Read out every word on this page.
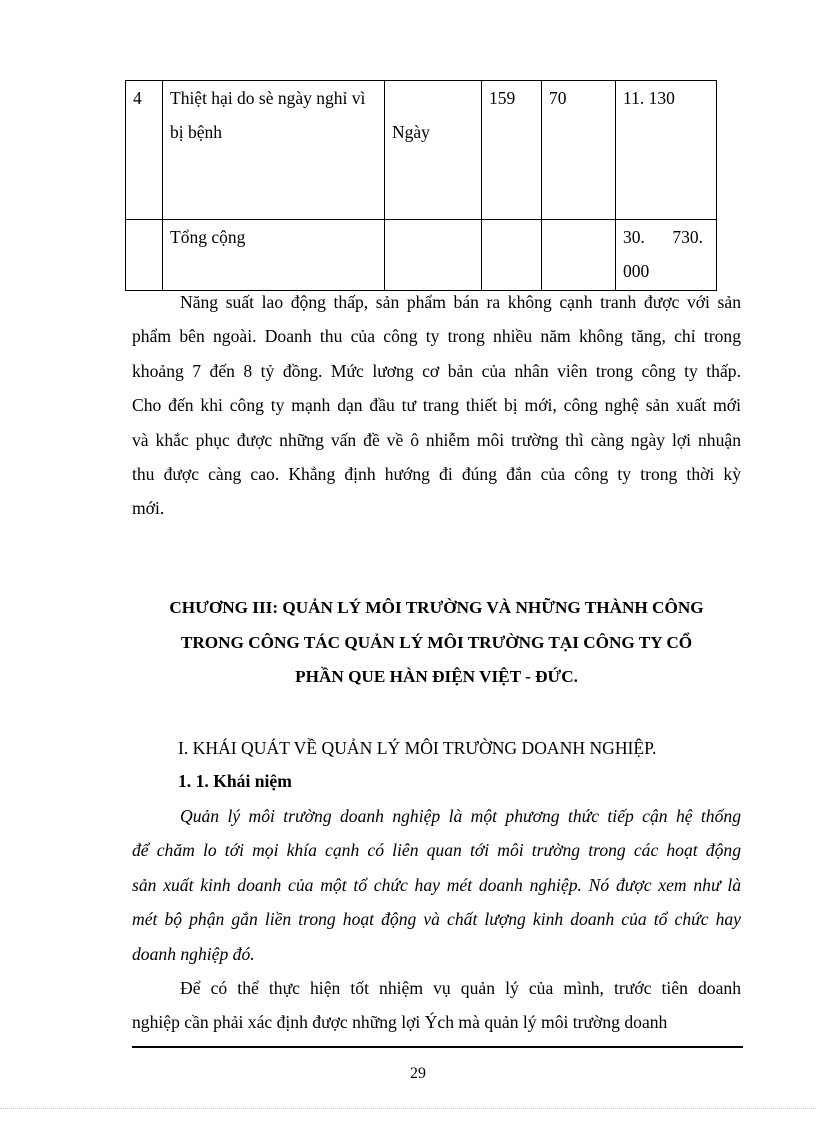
4	Thiệt hại do sè ngày nghỉ vì bị bệnh	Ngày	159	70	11. 130
	Tổng cộng				30. 730.
000
Năng suất lao động thấp, sản phẩm bán ra không cạnh tranh được với sản
phẩm bên ngoài. Doanh thu của công ty trong nhiều năm không tăng, chỉ trong
khoảng 7 đến 8 tỷ đồng. Mức lương cơ bản của nhân viên trong công ty thấp.
Cho đến khi công ty mạnh dạn đầu tư trang thiết bị mới, công nghệ sản xuất mới
và khắc phục được những vấn đề về ô nhiễm môi trường thì càng ngày lợi nhuận
thu được càng cao. Khẳng định hướng đi đúng đắn của công ty trong thời kỳ
mới.
CHƯƠNG III: QUẢN LÝ MÔI TRƯỜNG VÀ NHỮNG THÀNH CÔNG
TRONG CÔNG TÁC QUẢN LÝ MÔI TRƯỜNG TẠI CÔNG TY CỔ
PHẦN QUE HÀN ĐIỆN VIỆT - ĐỨC.
I. KHÁI QUÁT VỀ QUẢN LÝ MÔI TRƯỜNG DOANH NGHIỆP.
1. 1. Khái niệm
Quản lý môi trường doanh nghiệp là một phương thức tiếp cận hệ thống
để chăm lo tới mọi khía cạnh có liên quan tới môi trường trong các hoạt động
sản xuất kinh doanh của một tổ chức hay mét doanh nghiệp. Nó được xem như là
mét bộ phận gắn liền trong hoạt động và chất lượng kinh doanh của tổ chức hay
doanh nghiệp đó.
Để có thể thực hiện tốt nhiệm vụ quản lý của mình, trước tiên doanh
nghiệp cần phải xác định được những lợi Ých mà quản lý môi trường doanh
29
